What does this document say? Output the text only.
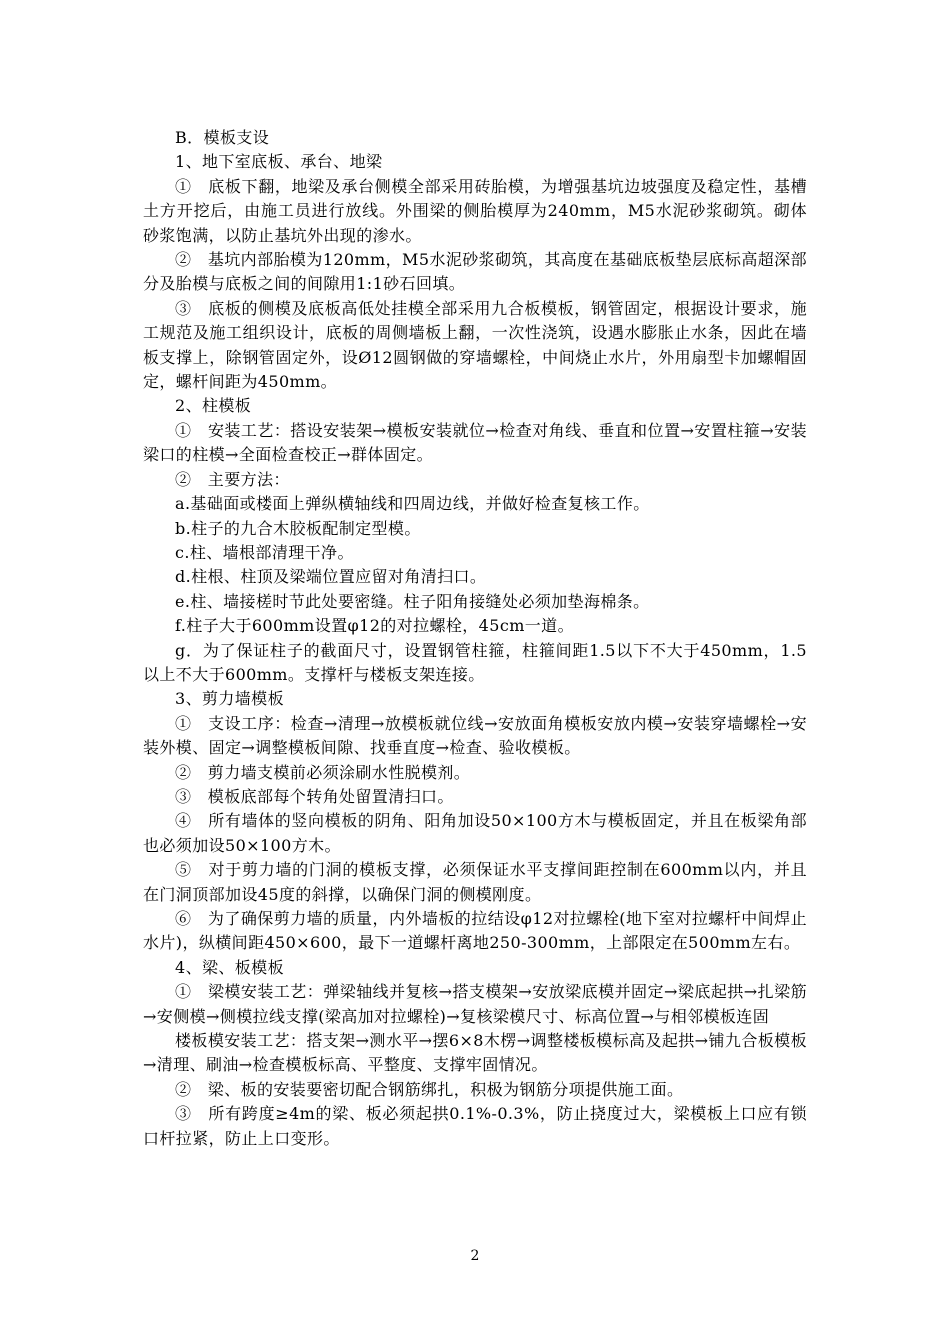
B．模板支设

1、地下室底板、承台、地梁

①　底板下翻，地梁及承台侧模全部采用砖胎模，为增强基坑边坡强度及稳定性，基槽土方开挖后，由施工员进行放线。外围梁的侧胎模厚为240mm，M5水泥砂浆砌筑。砌体砂浆饱满，以防止基坑外出现的渗水。

②　基坑内部胎模为120mm，M5水泥砂浆砌筑，其高度在基础底板垫层底标高超深部分及胎模与底板之间的间隙用1:1砂石回填。

③　底板的侧模及底板高低处挂模全部采用九合板模板，钢管固定，根据设计要求，施工规范及施工组织设计，底板的周侧墙板上翻，一次性浇筑，设遇水膨胀止水条，因此在墙板支撑上，除钢管固定外，设Ø12圆钢做的穿墙螺栓，中间烧止水片，外用扇型卡加螺帽固定，螺杆间距为450mm。

2、柱模板

①　安装工艺：搭设安装架→模板安装就位→检查对角线、垂直和位置→安置柱箍→安装梁口的柱模→全面检查校正→群体固定。

②　主要方法：

a.基础面或楼面上弹纵横轴线和四周边线，并做好检查复核工作。

b.柱子的九合木胶板配制定型模。

c.柱、墙根部清理干净。

d.柱根、柱顶及梁端位置应留对角清扫口。

e.柱、墙接槎时节此处要密缝。柱子阳角接缝处必须加垫海棉条。

f.柱子大于600mm设置φ12的对拉螺栓，45cm一道。

g．为了保证柱子的截面尺寸，设置钢管柱箍，柱箍间距1.5以下不大于450mm，1.5以上不大于600mm。支撑杆与楼板支架连接。

3、剪力墙模板

①　支设工序：检查→清理→放模板就位线→安放面角模板安放内模→安装穿墙螺栓→安装外模、固定→调整模板间隙、找垂直度→检查、验收模板。

②　剪力墙支模前必须涂刷水性脱模剂。

③　模板底部每个转角处留置清扫口。

④　所有墙体的竖向模板的阴角、阳角加设50×100方木与模板固定，并且在板梁角部也必须加设50×100方木。

⑤　对于剪力墙的门洞的模板支撑，必须保证水平支撑间距控制在600mm以内，并且在门洞顶部加设45度的斜撑，以确保门洞的侧模刚度。

⑥　为了确保剪力墙的质量，内外墙板的拉结设φ12对拉螺栓(地下室对拉螺杆中间焊止水片)，纵横间距450×600，最下一道螺杆离地250-300mm，上部限定在500mm左右。

4、梁、板模板

①　梁模安装工艺：弹梁轴线并复核→搭支模架→安放梁底模并固定→梁底起拱→扎梁筋→安侧模→侧模拉线支撑(梁高加对拉螺栓)→复核梁模尺寸、标高位置→与相邻模板连固

楼板模安装工艺：搭支架→测水平→摆6×8木楞→调整楼板模标高及起拱→铺九合板模板→清理、刷油→检查模板标高、平整度、支撑牢固情况。

②　梁、板的安装要密切配合钢筋绑扎，积极为钢筋分项提供施工面。

③　所有跨度≥4m的梁、板必须起拱0.1%-0.3%，防止挠度过大，梁模板上口应有锁口杆拉紧，防止上口变形。

2
